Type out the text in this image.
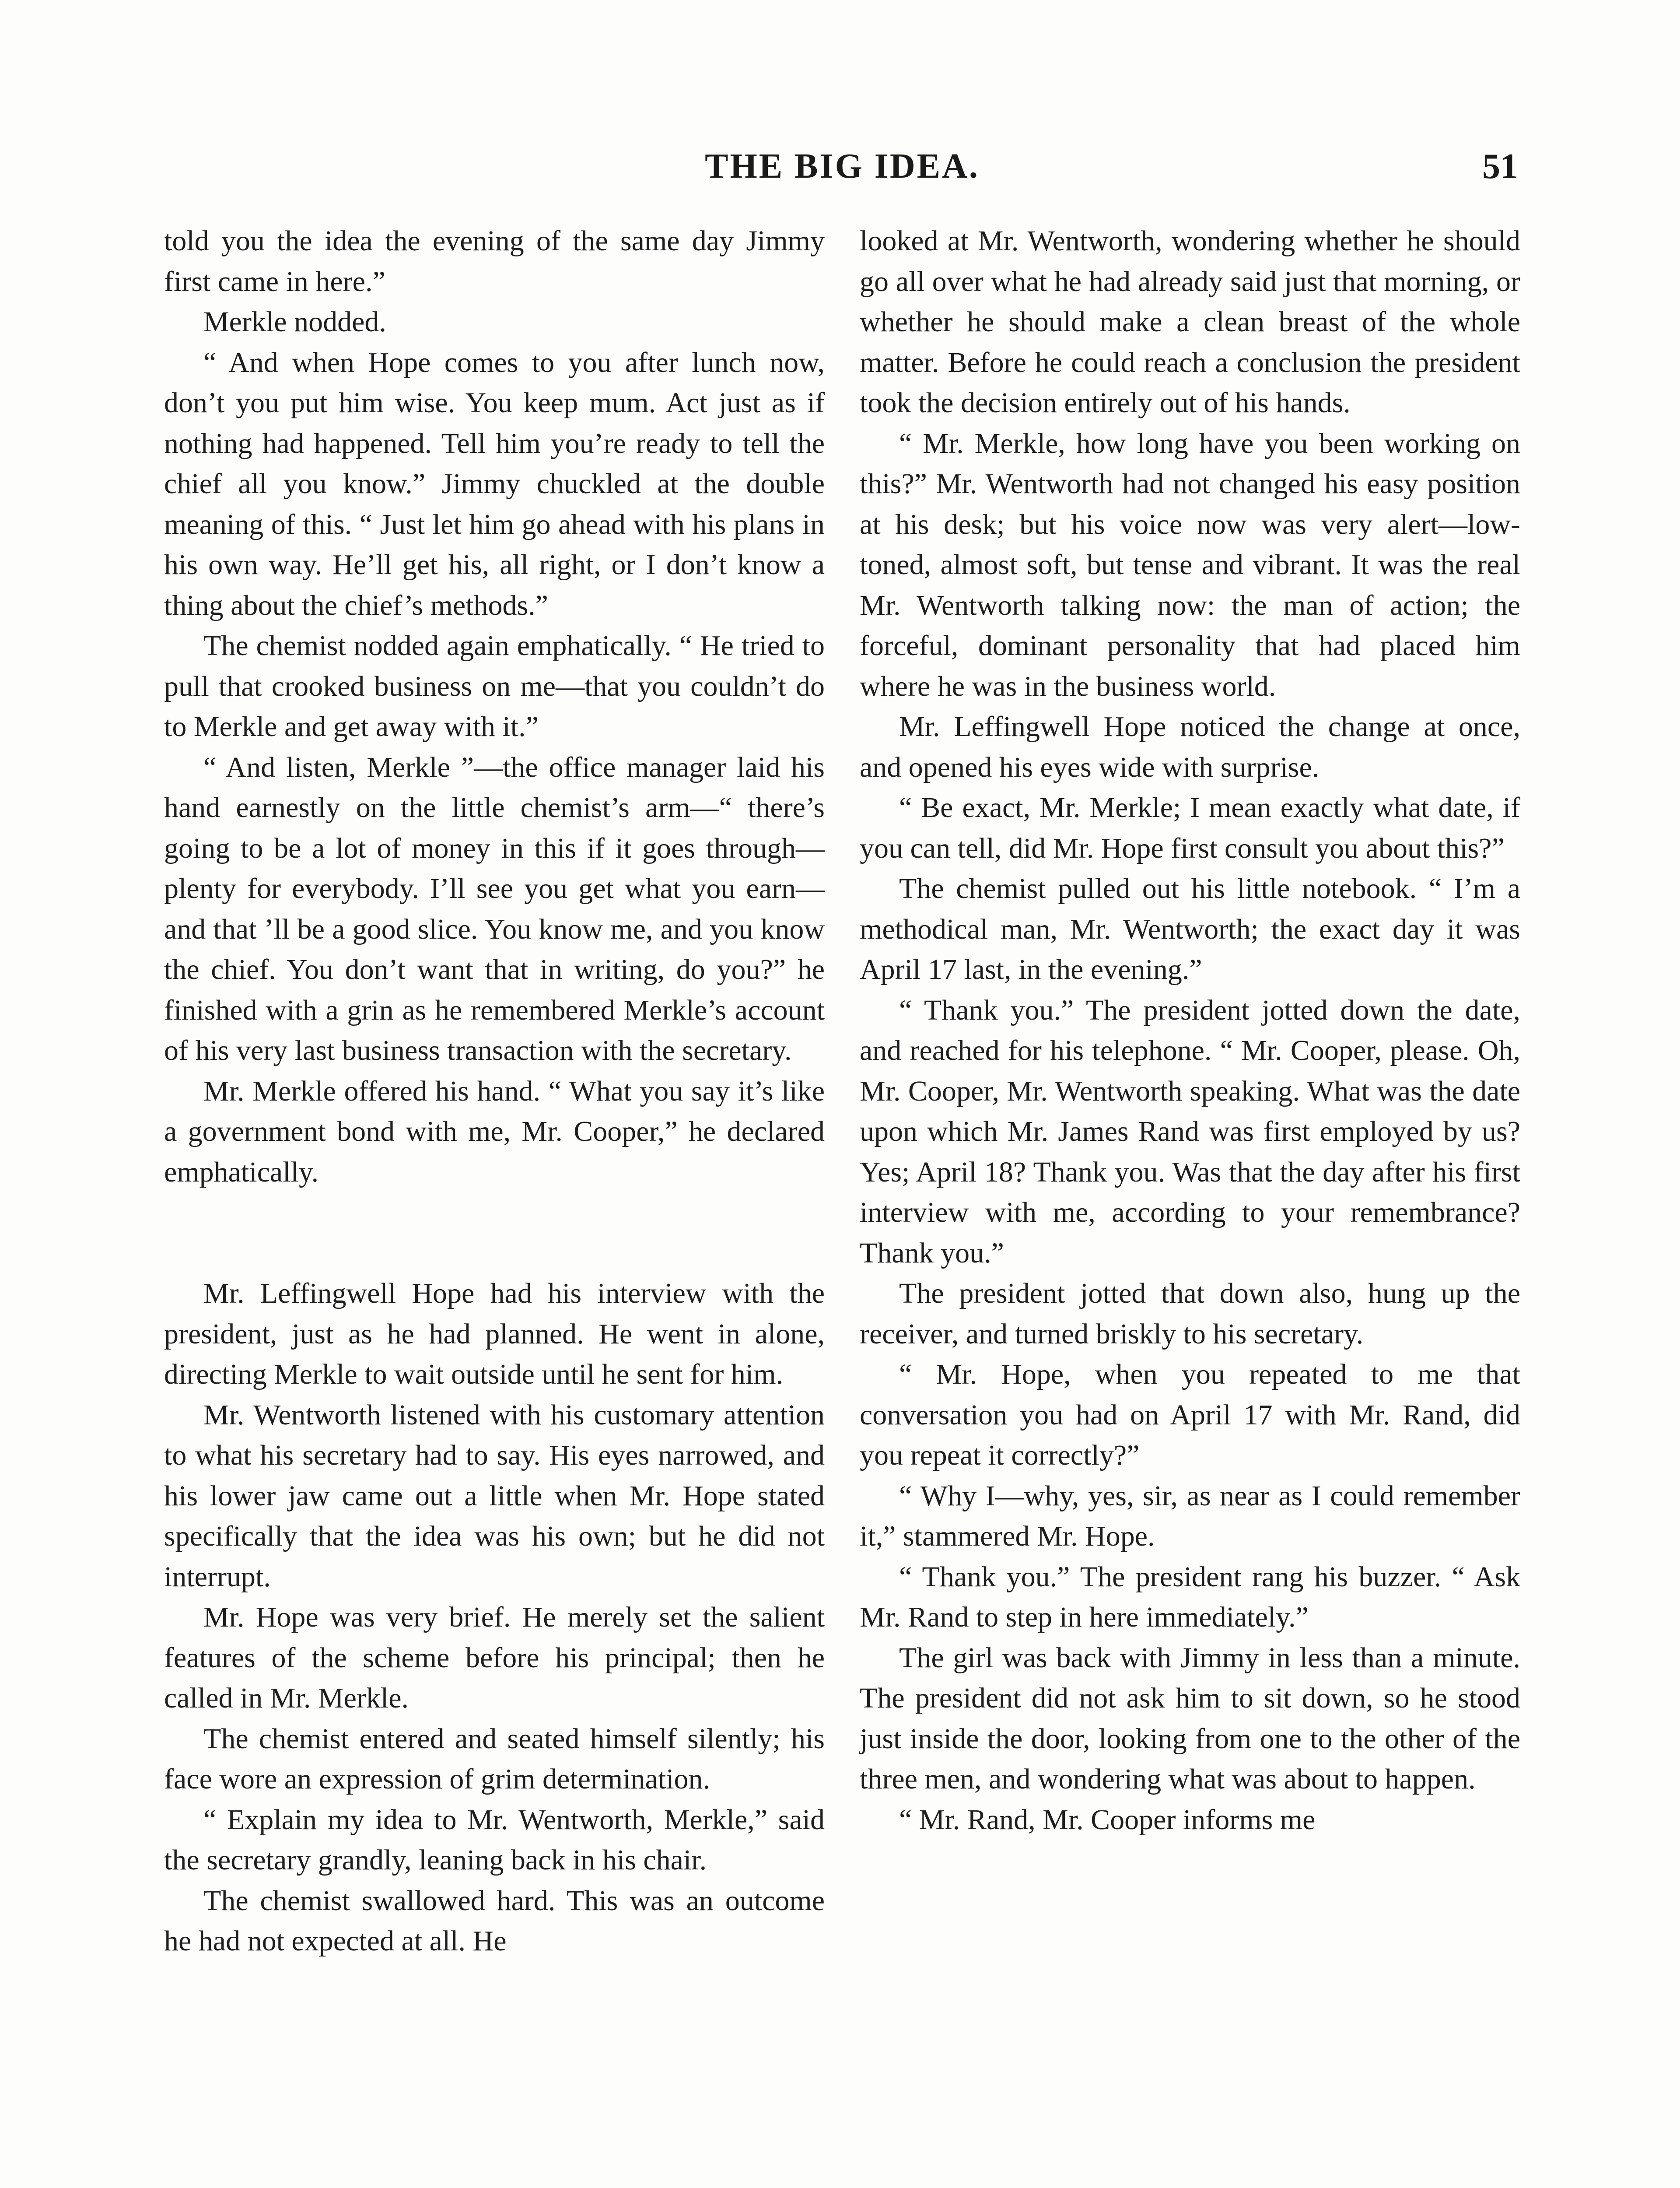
THE BIG IDEA.	51

told you the idea the evening of the same day Jimmy first came in here.”

Merkle nodded.

“ And when Hope comes to you after lunch now, don’t you put him wise. You keep mum. Act just as if nothing had happened. Tell him you’re ready to tell the chief all you know.” Jimmy chuckled at the double meaning of this. “ Just let him go ahead with his plans in his own way. He’ll get his, all right, or I don’t know a thing about the chief’s methods.”

The chemist nodded again emphatically. “ He tried to pull that crooked business on me—that you couldn’t do to Merkle and get away with it.”

“ And listen, Merkle ”—the office manager laid his hand earnestly on the little chemist’s arm—“ there’s going to be a lot of money in this if it goes through—plenty for everybody. I’ll see you get what you earn—and that ’ll be a good slice. You know me, and you know the chief. You don’t want that in writing, do you?” he finished with a grin as he remembered Merkle’s account of his very last business transaction with the secretary.

Mr. Merkle offered his hand. “ What you say it’s like a government bond with me, Mr. Cooper,” he declared emphatically.

Mr. Leffingwell Hope had his interview with the president, just as he had planned. He went in alone, directing Merkle to wait outside until he sent for him.

Mr. Wentworth listened with his customary attention to what his secretary had to say. His eyes narrowed, and his lower jaw came out a little when Mr. Hope stated specifically that the idea was his own; but he did not interrupt.

Mr. Hope was very brief. He merely set the salient features of the scheme before his principal; then he called in Mr. Merkle.

The chemist entered and seated himself silently; his face wore an expression of grim determination.

“ Explain my idea to Mr. Wentworth, Merkle,” said the secretary grandly, leaning back in his chair.

The chemist swallowed hard. This was an outcome he had not expected at all. He

looked at Mr. Wentworth, wondering whether he should go all over what he had already said just that morning, or whether he should make a clean breast of the whole matter. Before he could reach a conclusion the president took the decision entirely out of his hands.

“ Mr. Merkle, how long have you been working on this?” Mr. Wentworth had not changed his easy position at his desk; but his voice now was very alert—low-toned, almost soft, but tense and vibrant. It was the real Mr. Wentworth talking now: the man of action; the forceful, dominant personality that had placed him where he was in the business world.

Mr. Leffingwell Hope noticed the change at once, and opened his eyes wide with surprise.

“ Be exact, Mr. Merkle; I mean exactly what date, if you can tell, did Mr. Hope first consult you about this?”

The chemist pulled out his little notebook. “ I’m a methodical man, Mr. Wentworth; the exact day it was April 17 last, in the evening.”

“ Thank you.” The president jotted down the date, and reached for his telephone. “ Mr. Cooper, please. Oh, Mr. Cooper, Mr. Wentworth speaking. What was the date upon which Mr. James Rand was first employed by us? Yes; April 18? Thank you. Was that the day after his first interview with me, according to your remembrance? Thank you.”

The president jotted that down also, hung up the receiver, and turned briskly to his secretary.

“ Mr. Hope, when you repeated to me that conversation you had on April 17 with Mr. Rand, did you repeat it correctly?”

“ Why I—why, yes, sir, as near as I could remember it,” stammered Mr. Hope.

“ Thank you.” The president rang his buzzer. “ Ask Mr. Rand to step in here immediately.”

The girl was back with Jimmy in less than a minute. The president did not ask him to sit down, so he stood just inside the door, looking from one to the other of the three men, and wondering what was about to happen.

“ Mr. Rand, Mr. Cooper informs me
